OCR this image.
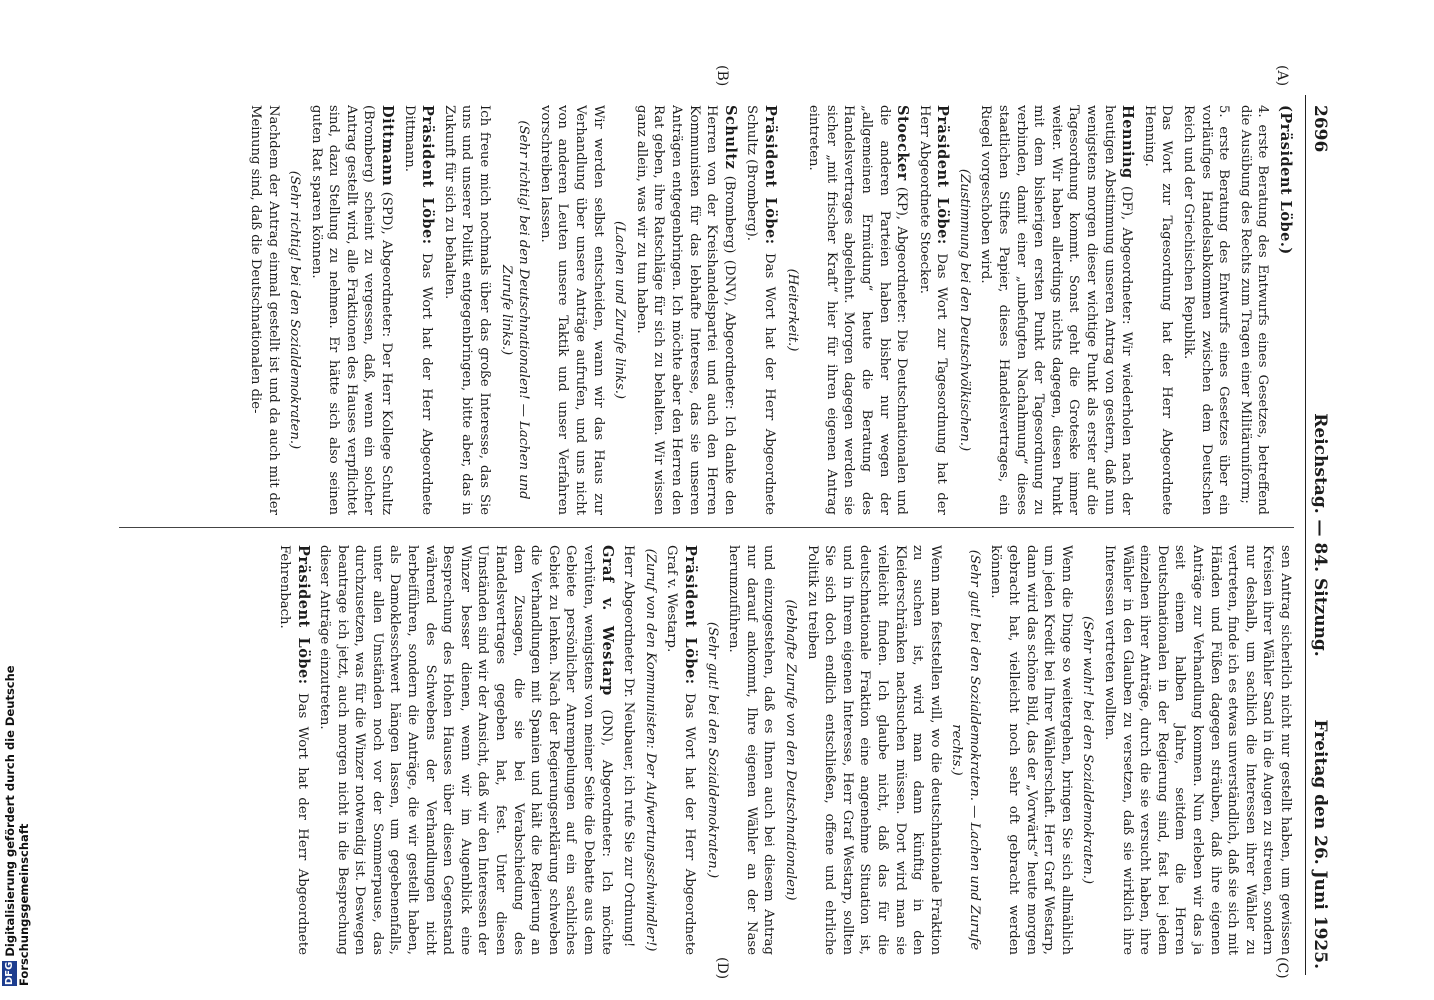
2696
Reichstag. — 84. Sitzung.
Freitag den 26. Juni 1925.
(A)
(B)
(C)
(D)

(Präsident Löbe.)

4. erste Beratung des Entwurfs eines Gesetzes, betreffend die Ausübung des Rechts zum Tragen einer Militäruniform;

5. erste Beratung des Entwurfs eines Gesetzes über ein vorläufiges Handelsabkommen zwischen dem Deutschen Reich und der Griechischen Republik.

Das Wort zur Tagesordnung hat der Herr Abgeordnete Henning.

Henning (DF), Abgeordneter: Wir wiederholen nach der heutigen Abstimmung unseren Antrag von gestern, daß nun wenigstens morgen dieser wichtige Punkt als erster auf die Tagesordnung kommt. Sonst geht die Groteske immer weiter. Wir haben allerdings nichts dagegen, diesen Punkt mit dem bisherigen ersten Punkt der Tagesordnung zu verbinden, damit einer „unbefugten Nachahmung“ dieses staatlichen Stiftes Papier, dieses Handelsvertrages, ein Riegel vorgeschoben wird.

(Zustimmung bei den Deutschvölkischen.)

Präsident Löbe: Das Wort zur Tagesordnung hat der Herr Abgeordnete Stoecker.

Stoecker (KP), Abgeordneter: Die Deutschnationalen und die anderen Parteien haben bisher nur wegen der „allgemeinen Ermüdung“ heute die Beratung des Handelsvertrages abgelehnt. Morgen dagegen werden sie sicher „mit frischer Kraft“ hier für ihren eigenen Antrag eintreten.

(Heiterkeit.)

Präsident Löbe: Das Wort hat der Herr Abgeordnete Schultz (Bromberg).

Schultz (Bromberg) (DNV), Abgeordneter: Ich danke den Herren von der Kreishandelspartei und auch den Herren Kommunisten für das lebhafte Interesse, das sie unseren Anträgen entgegenbringen. Ich möchte aber den Herren den Rat geben, ihre Ratschläge für sich zu behalten. Wir wissen ganz allein, was wir zu tun haben.

(Lachen und Zurufe links.)

Wir werden selbst entscheiden, wann wir das Haus zur Verhandlung über unsere Anträge aufrufen, und uns nicht von anderen Leuten unsere Taktik und unser Verfahren vorschreiben lassen.

(Sehr richtig! bei den Deutschnationalen! — Lachen und Zurufe links.)

Ich freue mich nochmals über das große Interesse, das Sie uns und unserer Politik entgegenbringen, bitte aber, das in Zukunft für sich zu behalten.

Präsident Löbe: Das Wort hat der Herr Abgeordnete Dittmann.

Dittmann (SPD), Abgeordneter: Der Herr Kollege Schultz (Bromberg) scheint zu vergessen, daß, wenn ein solcher Antrag gestellt wird, alle Fraktionen des Hauses verpflichtet sind, dazu Stellung zu nehmen. Er hätte sich also seinen guten Rat sparen können.

(Sehr richtig! bei den Sozialdemokraten.)

Nachdem der Antrag einmal gestellt ist und da auch mit der Meinung sind, daß die Deutschnationalen die-

sen Antrag sicherlich nicht nur gestellt haben, um gewissen Kreisen ihrer Wähler Sand in die Augen zu streuen, sondern nur deshalb, um sachlich die Interessen ihrer Wähler zu vertreten, finde ich es etwas unverständlich, daß sie sich mit Händen und Füßen dagegen sträuben, daß ihre eigenen Anträge zur Verhandlung kommen. Nun erleben wir das ja seit einem halben Jahre, seitdem die Herren Deutschnationalen in der Regierung sind, fast bei jedem einzelnen ihrer Anträge, durch die sie versucht haben, ihre Wähler in den Glauben zu versetzen, daß sie wirklich ihre Interessen vertreten wollten.

(Sehr wahr! bei den Sozialdemokraten.)

Wenn die Dinge so weitergehen, bringen Sie sich allmählich um jeden Kredit bei Ihrer Wählerschaft. Herr Graf Westarp, dann wird das schöne Bild, das der „Vorwärts“ heute morgen gebracht hat, vielleicht noch sehr oft gebracht werden können.

(Sehr gut! bei den Sozialdemokraten. — Lachen und Zurufe rechts.)

Wenn man feststellen will, wo die deutschnationale Fraktion zu suchen ist, wird man dann künftig in den Kleiderschränken nachsuchen müssen. Dort wird man sie vielleicht finden. Ich glaube nicht, daß das für die deutschnationale Fraktion eine angenehme Situation ist, und in Ihrem eigenen Interesse, Herr Graf Westarp, sollten Sie sich doch endlich entschließen, offene und ehrliche Politik zu treiben

(lebhafte Zurufe von den Deutschnationalen)

und einzugestehen, daß es Ihnen auch bei diesem Antrag nur darauf ankommt, Ihre eigenen Wähler an der Nase herumzuführen.

(Sehr gut! bei den Sozialdemokraten.)

Präsident Löbe: Das Wort hat der Herr Abgeordnete Graf v. Westarp.

(Zuruf von den Kommunisten: Der Aufwertungsschwindler!)

Herr Abgeordneter Dr. Neubauer, ich rufe Sie zur Ordnung!

Graf v. Westarp (DN), Abgeordneter: Ich möchte verhüten, wenigstens von meiner Seite die Debatte aus dem Gebiete persönlicher Anrempelungen auf ein sachliches Gebiet zu lenken. Nach der Regierungserklärung schweben die Verhandlungen mit Spanien und hält die Regierung an dem Zusagen, die sie bei Verabschiedung des Handelsvertrages gegeben hat, fest. Unter diesen Umständen sind wir der Ansicht, daß wir den Interessen der Winzer besser dienen, wenn wir im Augenblick eine Besprechung des Hohen Hauses über diesen Gegenstand während des Schwebens der Verhandlungen nicht herbeiführen, sondern die Anträge, die wir gestellt haben, als Damoklesschwert hängen lassen, um gegebenenfalls, unter allen Umständen noch vor der Sommerpause, das durchzusetzen, was für die Winzer notwendig ist. Deswegen beantrage ich jetzt, auch morgen nicht in die Besprechung dieser Anträge einzutreten.

Präsident Löbe: Das Wort hat der Herr Abgeordnete Fehrenbach.

DFG Digitalisierung gefördert durch die Deutsche Forschungsgemeinschaft
